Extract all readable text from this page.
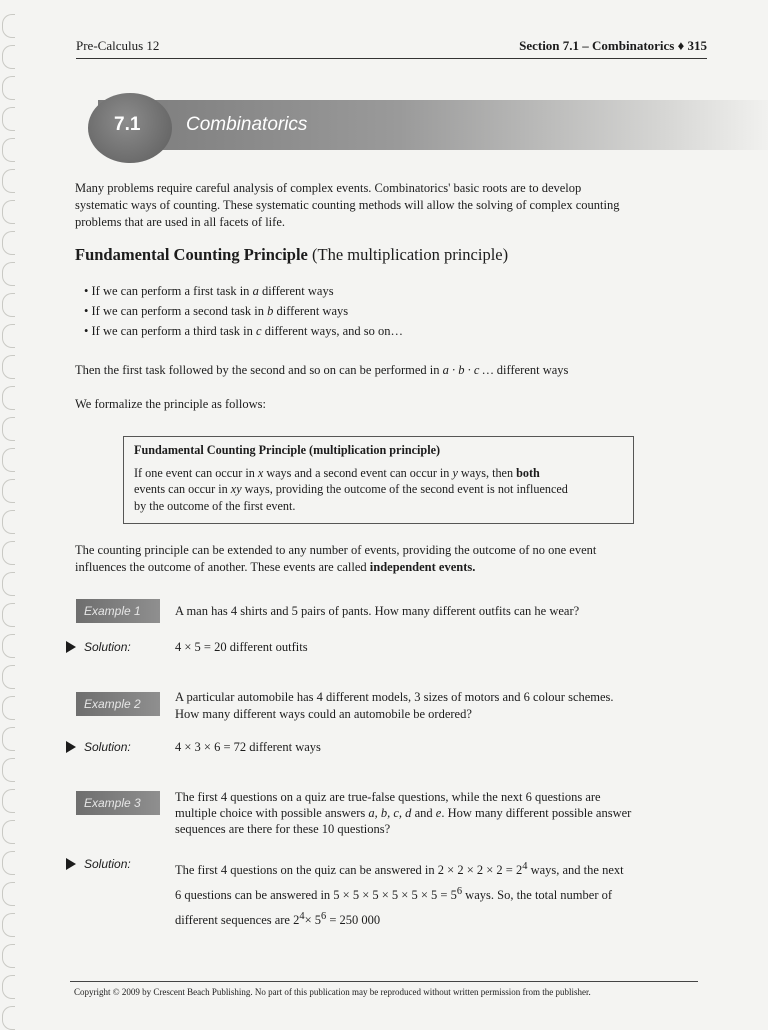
Pre-Calculus 12	Section 7.1 – Combinatorics ♦ 315
7.1 Combinatorics

Many problems require careful analysis of complex events. Combinatorics' basic roots are to develop

systematic ways of counting. These systematic counting methods will allow the solving of complex counting

problems that are used in all facets of life.

Fundamental Counting Principle (The multiplication principle)
• If we can perform a first task in a different ways
• If we can perform a second task in b different ways
• If we can perform a third task in c different ways, and so on…

Then the first task followed by the second and so on can be performed in a · b · c … different ways

We formalize the principle as follows:

Fundamental Counting Principle (multiplication principle)
If one event can occur in x ways and a second event can occur in y ways, then both
events can occur in xy ways, providing the outcome of the second event is not influenced
by the outcome of the first event.

The counting principle can be extended to any number of events, providing the outcome of no one event

influences the outcome of another. These events are called independent events.

Example 1	A man has 4 shirts and 5 pairs of pants. How many different outfits can he wear?
Solution:	4 × 5 = 20 different outfits
Example 2	A particular automobile has 4 different models, 3 sizes of motors and 6 colour schemes.
How many different ways could an automobile be ordered?
Solution:	4 × 3 × 6 = 72 different ways
Example 3	The first 4 questions on a quiz are true-false questions, while the next 6 questions are
multiple choice with possible answers a, b, c, d and e. How many different possible answer
sequences are there for these 10 questions?
Solution:	The first 4 questions on the quiz can be answered in $2 \times 2 \times 2 \times 2 = 2^4$ ways, and the next
6 questions can be answered in $5 \times 5 \times 5 \times 5 \times 5 \times 5 = 5^6$ ways. So, the total number of
different sequences are $2^4\times 5^6 = 250$ 000
Copyright © 2009 by Crescent Beach Publishing. No part of this publication may be reproduced without written permission from the publisher.
